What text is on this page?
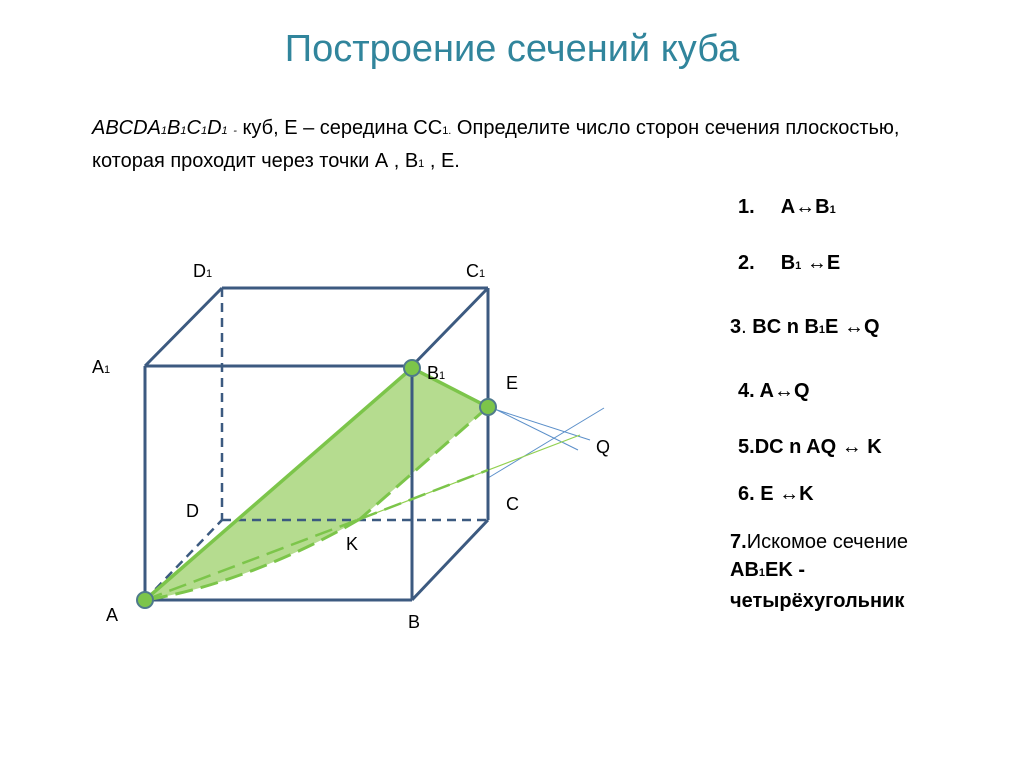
Построение сечений куба
ABCDA1B1C1D1 - куб, Е – середина СС1. Определите число сторон сечения плоскостью, которая проходит через точки А , В1 , Е.
1. A↔B1
2. B1 ↔E
3. BC n B1E ↔Q
4. A↔Q
5.DC n AQ ↔ K
6. E ↔K
7.Искомое сечение
AB1EK -
четырёхугольник
D1	C1
A1	B1	E
Q
D	C
K
A	B
